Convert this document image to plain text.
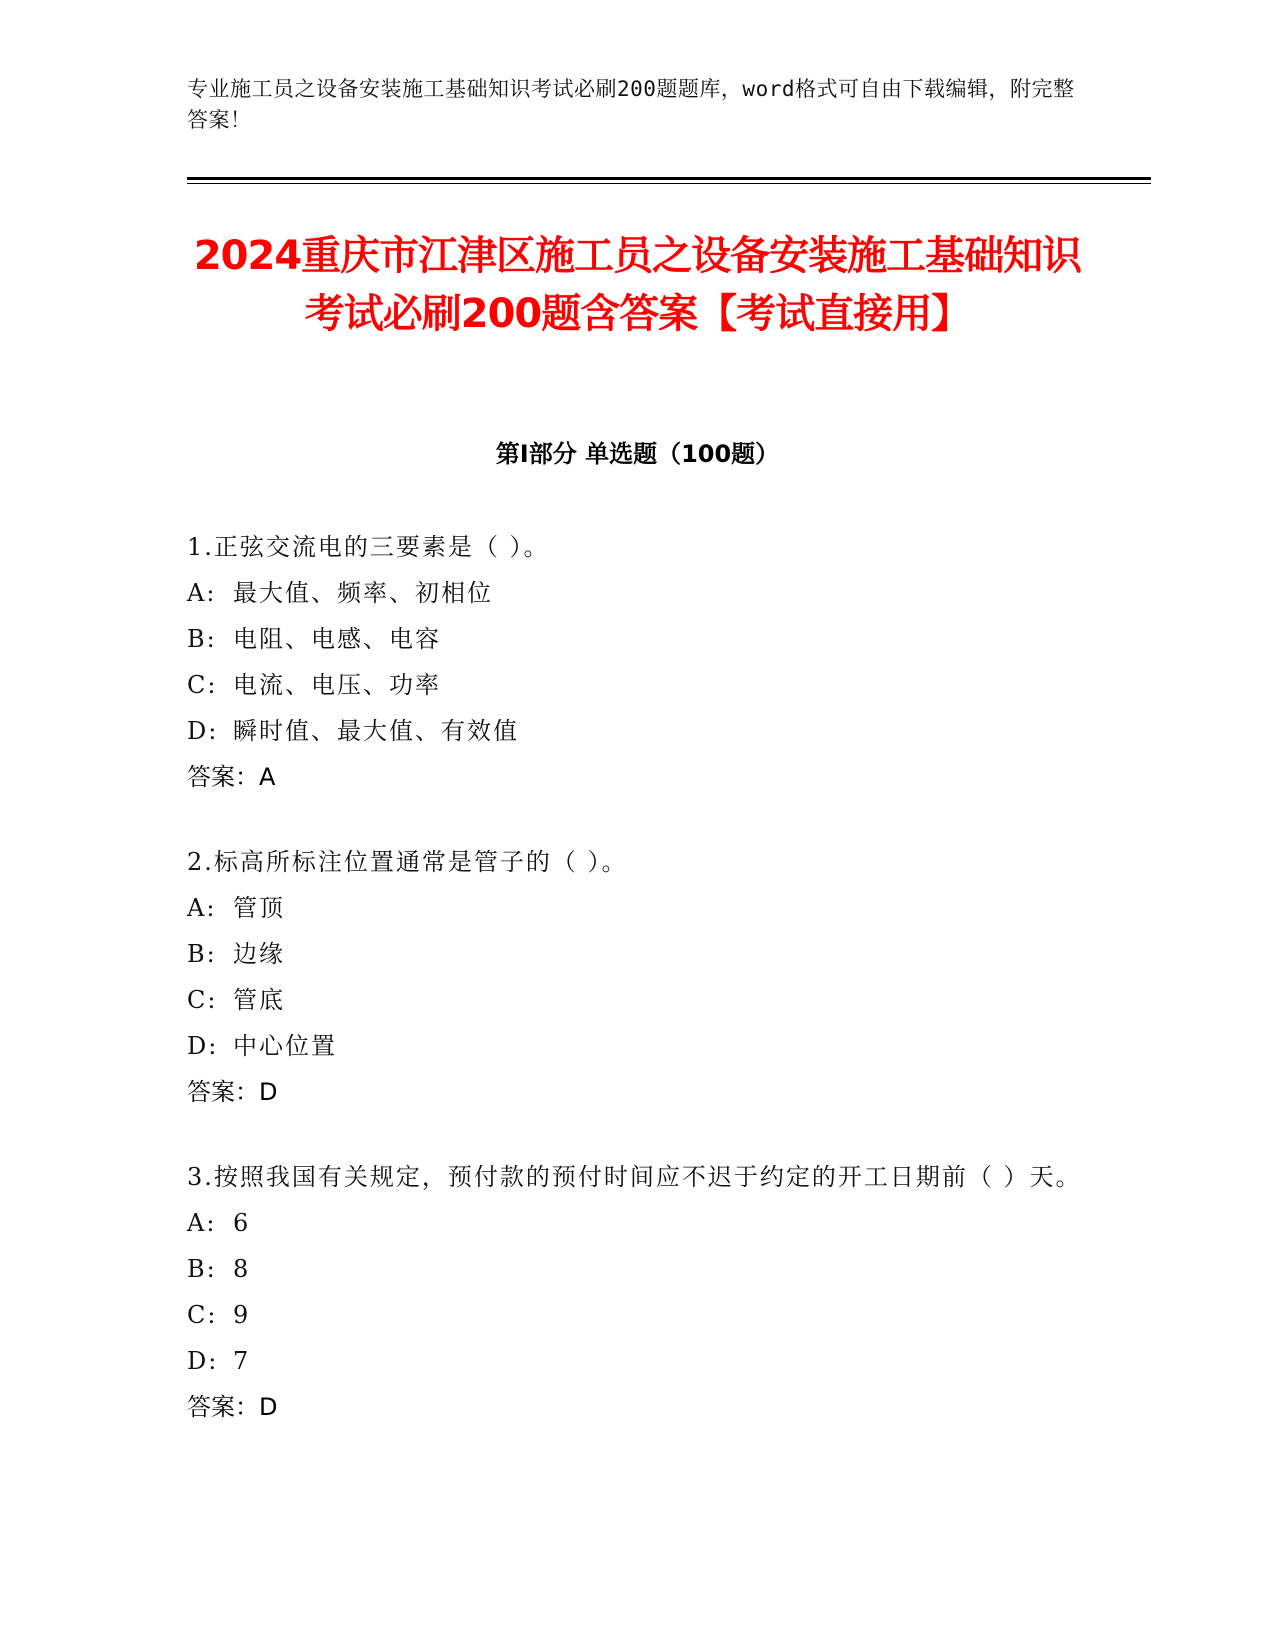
专业施工员之设备安装施工基础知识考试必刷200题题库，word格式可自由下载编辑，附完整答案！
2024重庆市江津区施工员之设备安装施工基础知识考试必刷200题含答案【考试直接用】
第I部分 单选题（100题）

1.正弦交流电的三要素是（ ）。

A: 最大值、频率、初相位

B: 电阻、电感、电容

C: 电流、电压、功率

D: 瞬时值、最大值、有效值

答案：A

2.标高所标注位置通常是管子的（ ）。

A: 管顶

B: 边缘

C: 管底

D: 中心位置

答案：D

3.按照我国有关规定，预付款的预付时间应不迟于约定的开工日期前（ ）天。

A: 6

B: 8

C: 9

D: 7

答案：D
